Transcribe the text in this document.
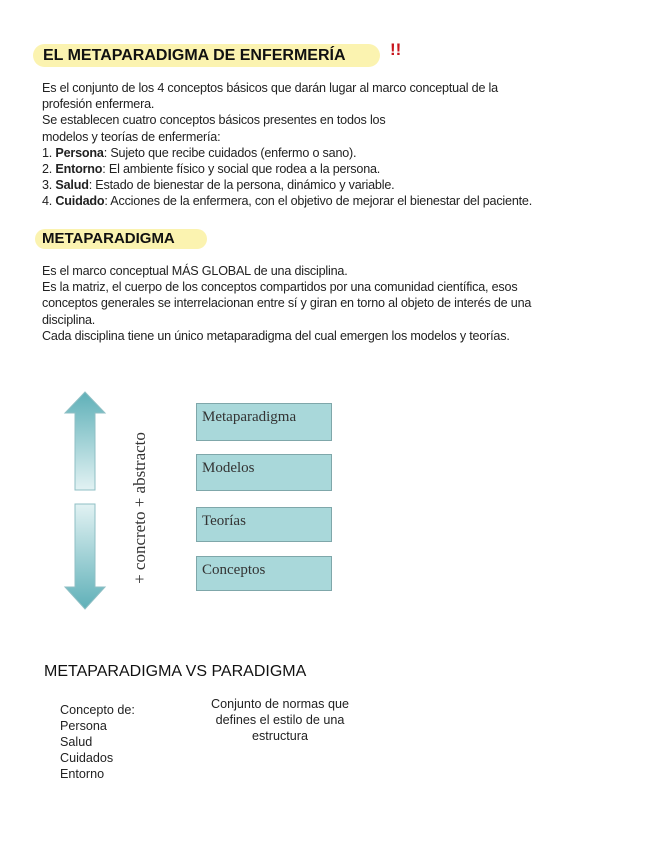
EL METAPARADIGMA DE ENFERMERÍA	!!

Es el conjunto de los 4 conceptos básicos que darán lugar al marco conceptual de la

profesión enfermera.

Se establecen cuatro conceptos básicos presentes en todos los

modelos y teorías de enfermería:

1. Persona: Sujeto que recibe cuidados (enfermo o sano).

2. Entorno: El ambiente físico y social que rodea a la persona.

3. Salud: Estado de bienestar de la persona, dinámico y variable.

4. Cuidado: Acciones de la enfermera, con el objetivo de mejorar el bienestar del paciente.

METAPARADIGMA

Es el marco conceptual MÁS GLOBAL de una disciplina.

Es la matriz, el cuerpo de los conceptos compartidos por una comunidad científica, esos

conceptos generales se interrelacionan entre sí y giran en torno al objeto de interés de una

disciplina.

Cada disciplina tiene un único metaparadigma del cual emergen los modelos y teorías.

+ concreto + abstracto
Metaparadigma
Modelos
Teorías
Conceptos
METAPARADIGMA VS PARADIGMA
Concepto de:
Persona
Salud
Cuidados
Entorno
Conjunto de normas que
defines el estilo de una
estructura
